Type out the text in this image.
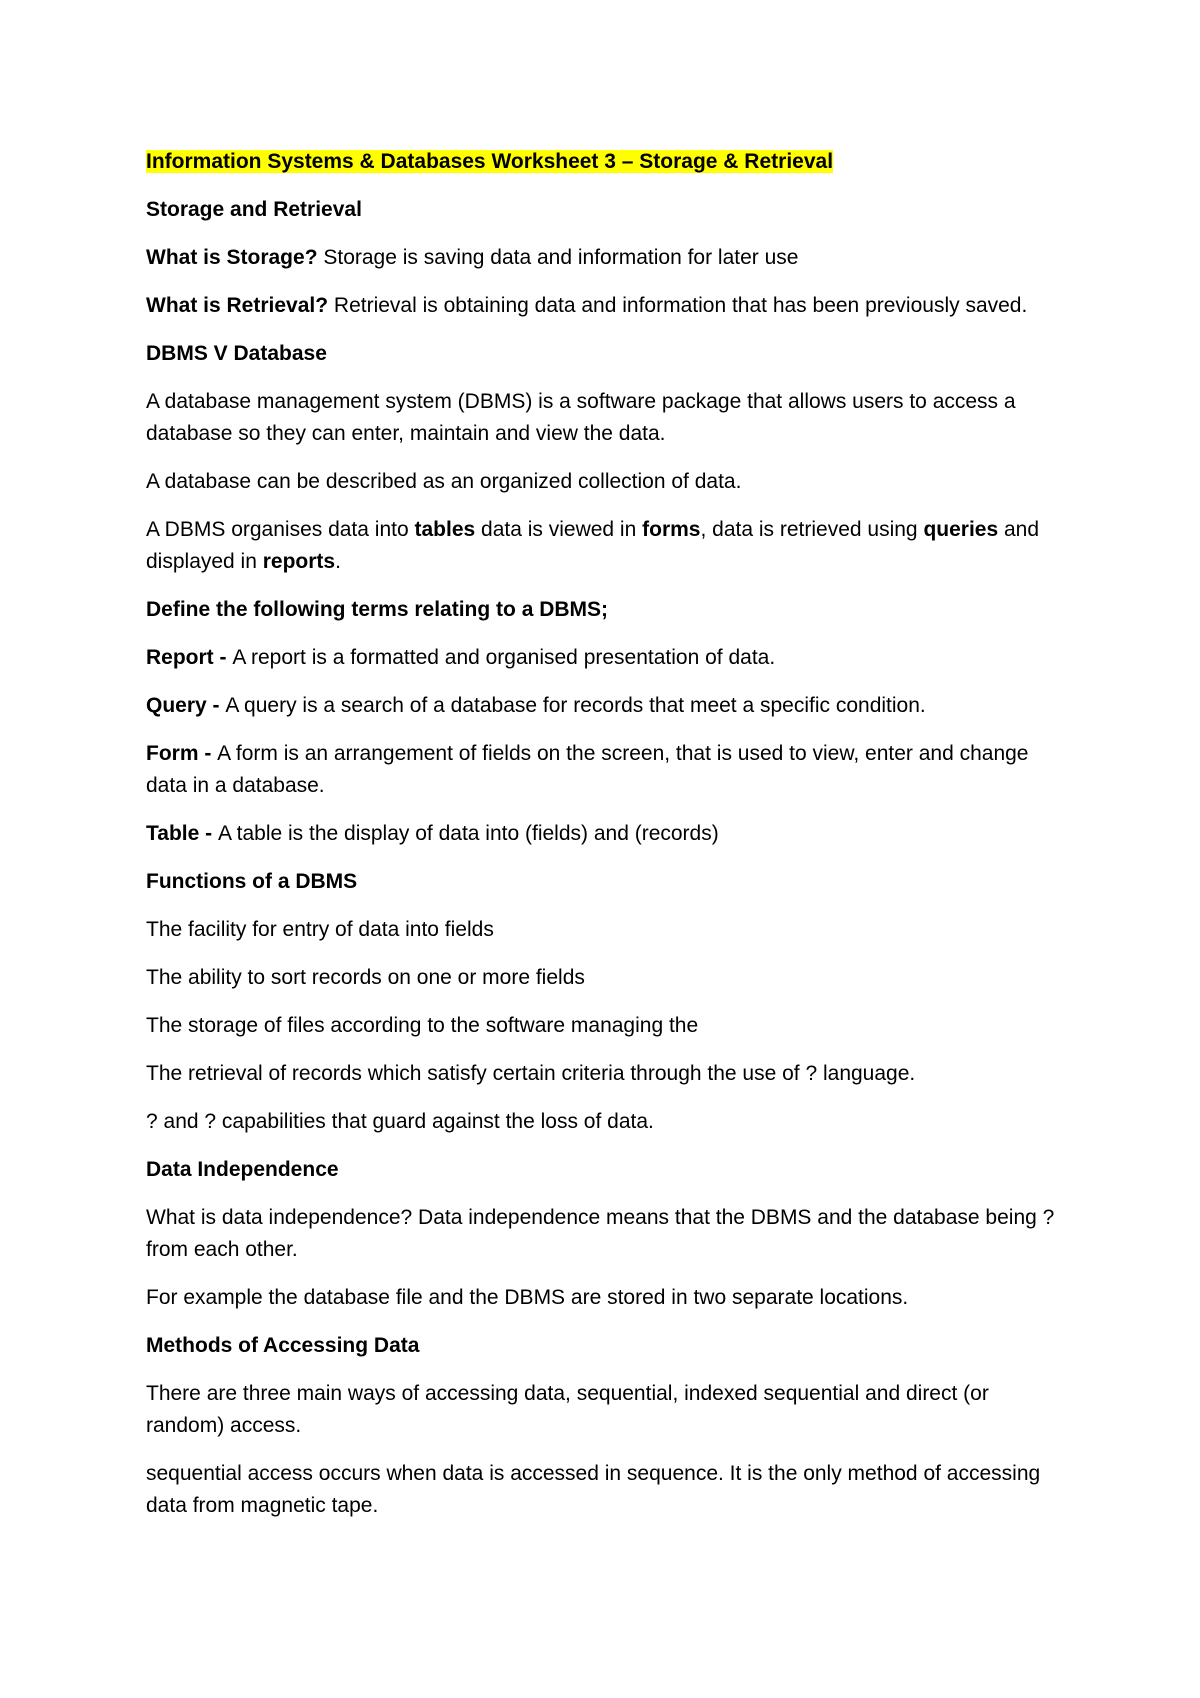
Information Systems & Databases Worksheet 3 – Storage & Retrieval

Storage and Retrieval

What is Storage? Storage is saving data and information for later use

What is Retrieval? Retrieval is obtaining data and information that has been previously saved.

DBMS V Database

A database management system (DBMS) is a software package that allows users to access a database so they can enter, maintain and view the data.

A database can be described as an organized collection of data.

A DBMS organises data into tables data is viewed in forms, data is retrieved using queries and displayed in reports.

Define the following terms relating to a DBMS;

Report - A report is a formatted and organised presentation of data.

Query - A query is a search of a database for records that meet a specific condition.

Form - A form is an arrangement of fields on the screen, that is used to view, enter and change data in a database.

Table - A table is the display of data into (fields) and (records)

Functions of a DBMS

The facility for entry of data into fields

The ability to sort records on one or more fields

The storage of files according to the software managing the

The retrieval of records which satisfy certain criteria through the use of ? language.

? and ? capabilities that guard against the loss of data.

Data Independence

What is data independence? Data independence means that the DBMS and the database being ? from each other.

For example the database file and the DBMS are stored in two separate locations.

Methods of Accessing Data

There are three main ways of accessing data, sequential, indexed sequential and direct (or random) access.

sequential access occurs when data is accessed in sequence. It is the only method of accessing data from magnetic tape.
